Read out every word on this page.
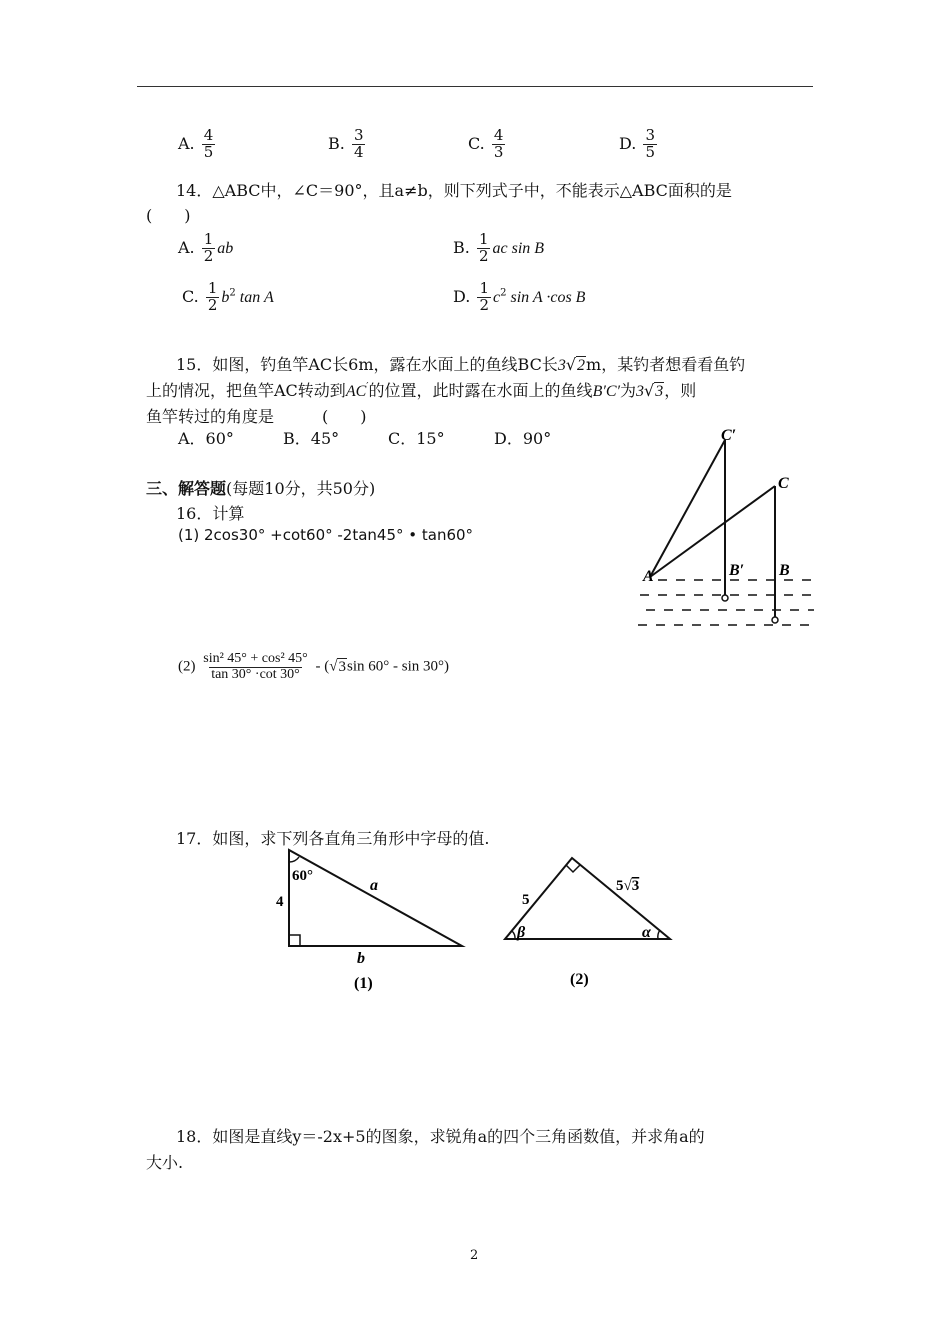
A. $\frac{4}{5}$	B. $\frac{3}{4}$	C. $\frac{4}{3}$	D. $\frac{3}{5}$
14．△ABC中，∠C＝90°，且a≠b，则下列式子中，不能表示△ABC面积的是
(　　)
A. $\frac{1}{2}$ ab	B. $\frac{1}{2}$ ac sin B
C. $\frac{1}{2} b^2$ tan A	D. $\frac{1}{2} c^2$ sin A ·cos B
15．如图，钓鱼竿AC长6m，露在水面上的鱼线BC长3√2m，某钓者想看看鱼钓
上的情况，把鱼竿AC转动到AC′的位置，此时露在水面上的鱼线B′C′为3√3，则
鱼竿转过的角度是　　　(　　)
A．60°	B．45°	C．15°	D．90°	C′
C
A	B′ B
三、解答题(每题10分，共50分)
16．计算
(1) 2cos30° +cot60° -2tan45° • tan60°
$(2) \frac{\text{sin² 45° + cos² 45°}}{\tan 30^\circ \cdot\cot 30^\circ} - (√3\sin$ 60° - sin 30°)
17．如图，求下列各直角三角形中字母的值.
60°
4
a
b
(1)
5
5√3
β	α
(2)
18．如图是直线y＝-2x+5的图象，求锐角a的四个三角函数值，并求角a的
大小.
2
